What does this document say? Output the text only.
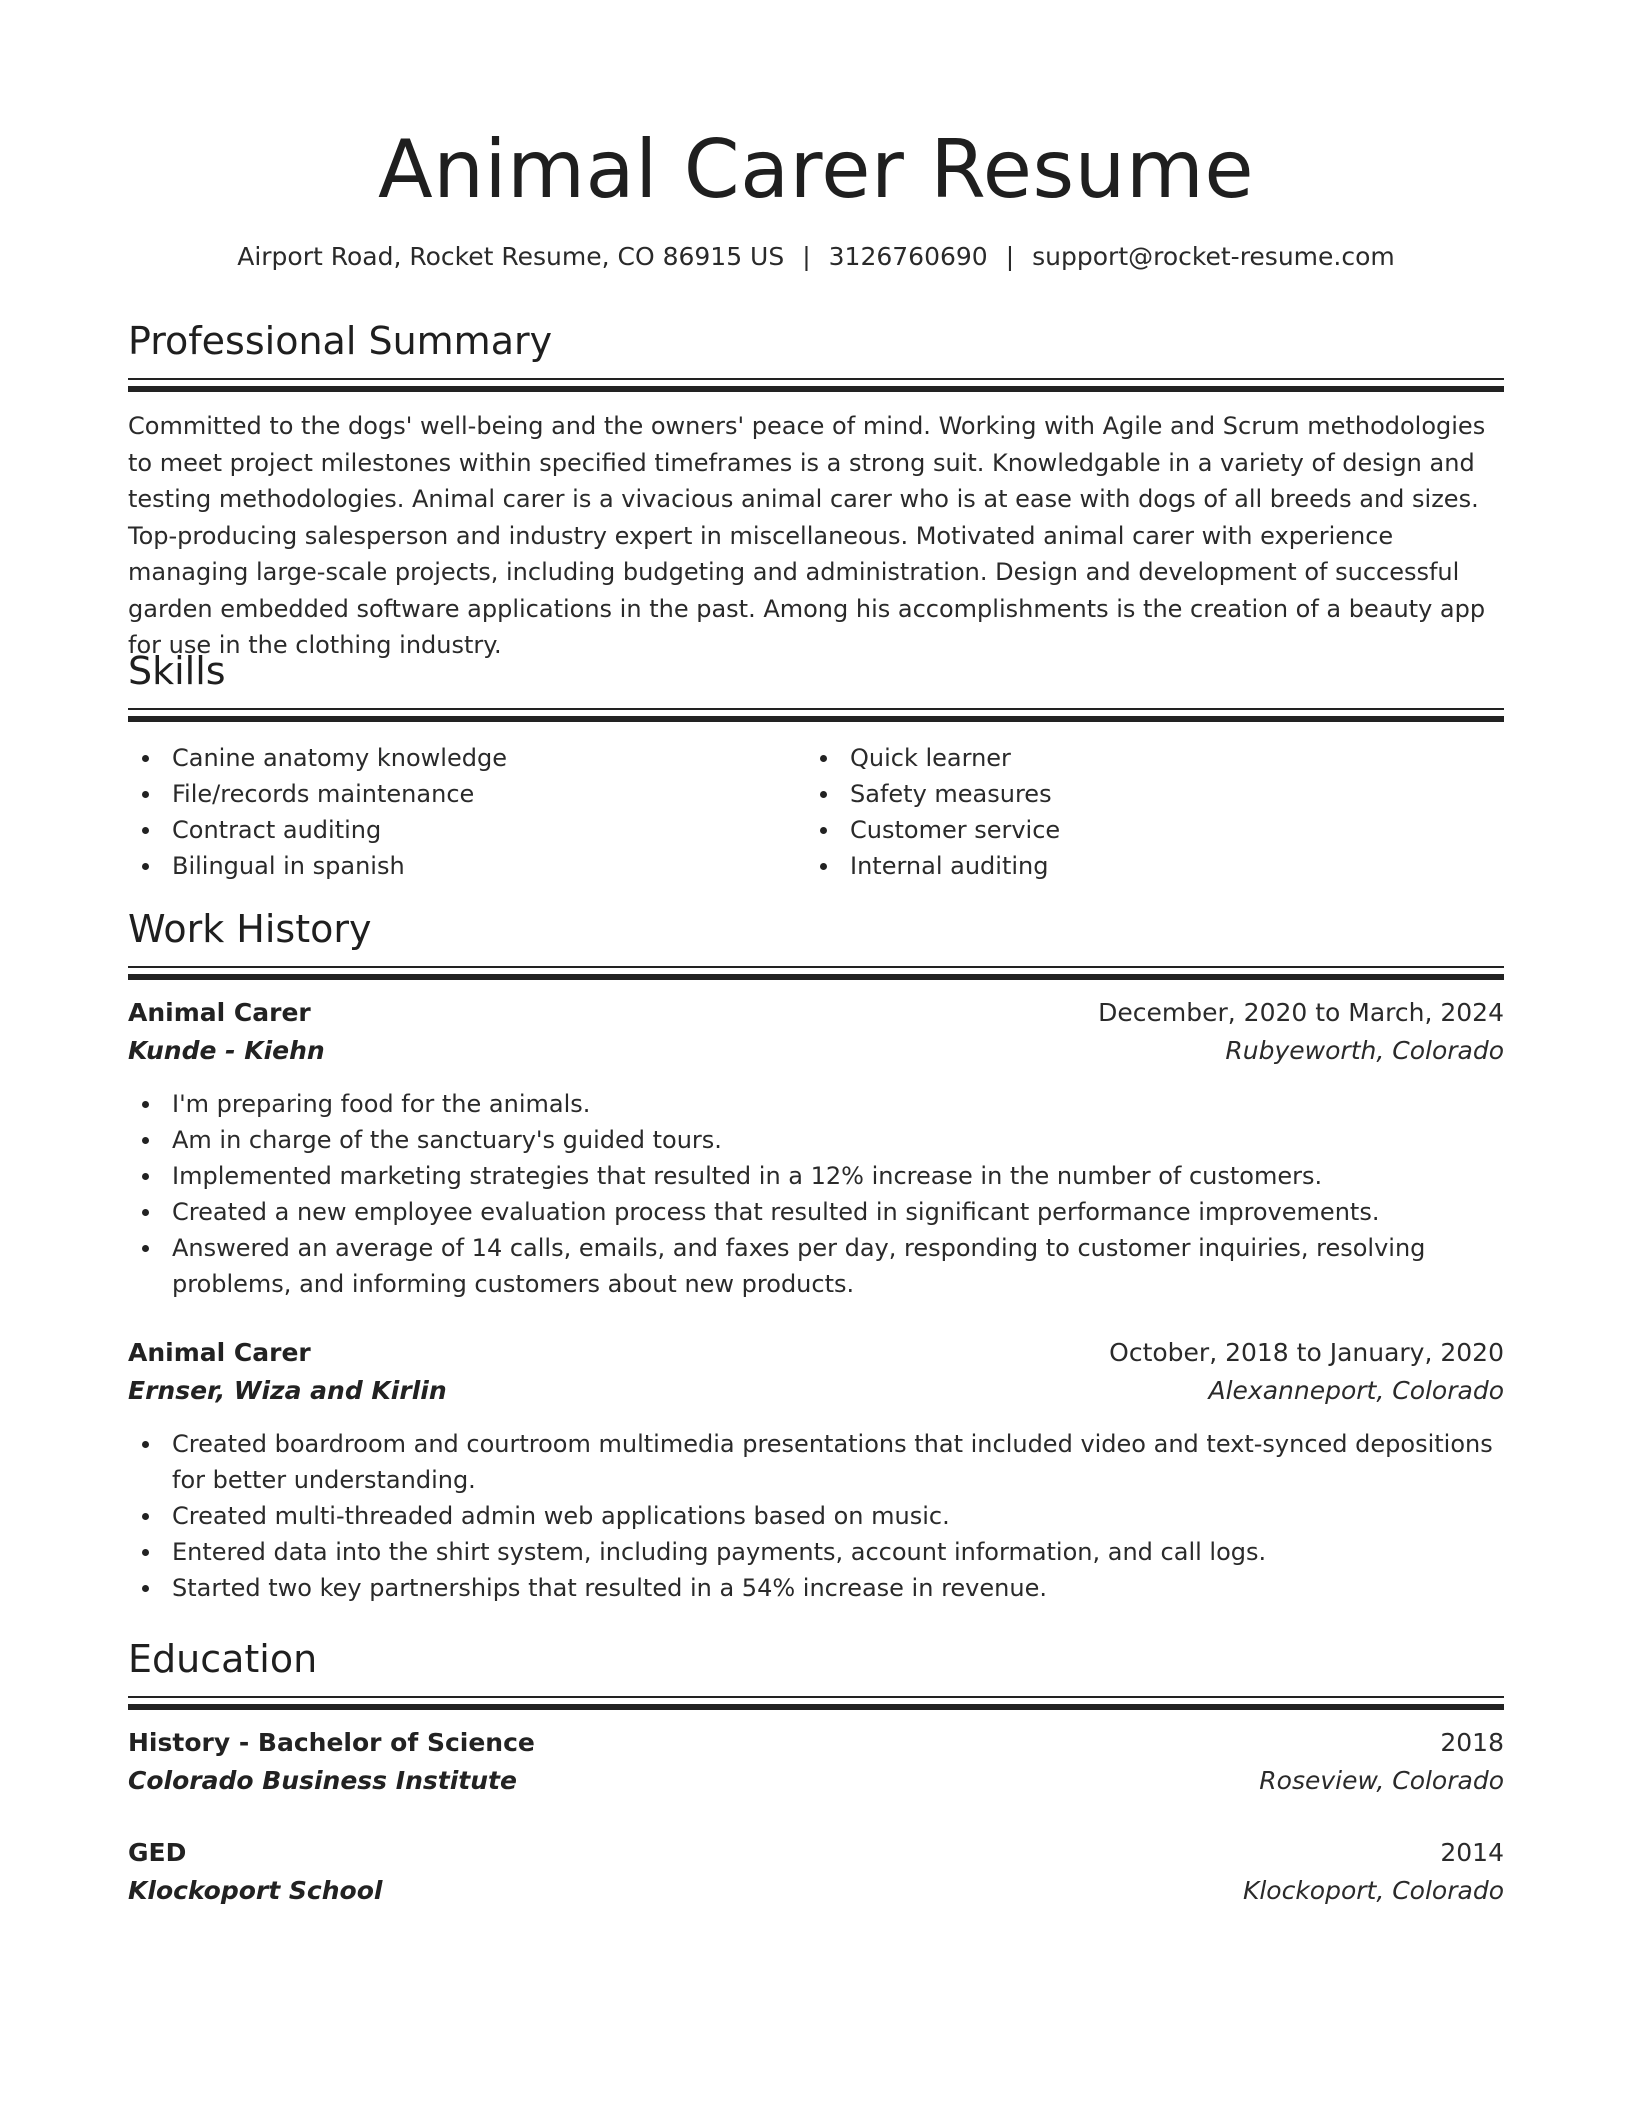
Animal Carer Resume
Airport Road, Rocket Resume, CO 86915 US | 3126760690 | support@rocket-resume.com
Professional Summary
Committed to the dogs' well-being and the owners' peace of mind. Working with Agile and Scrum methodologies to meet project milestones within specified timeframes is a strong suit. Knowledgable in a variety of design and testing methodologies. Animal carer is a vivacious animal carer who is at ease with dogs of all breeds and sizes. Top-producing salesperson and industry expert in miscellaneous. Motivated animal carer with experience managing large-scale projects, including budgeting and administration. Design and development of successful garden embedded software applications in the past. Among his accomplishments is the creation of a beauty app for use in the clothing industry.
Skills
Canine anatomy knowledge
File/records maintenance
Contract auditing
Bilingual in spanish
Quick learner
Safety measures
Customer service
Internal auditing
Work History
Animal Carer	December, 2020 to March, 2024
Kunde - Kiehn	Rubyeworth, Colorado
I'm preparing food for the animals.
Am in charge of the sanctuary's guided tours.
Implemented marketing strategies that resulted in a 12% increase in the number of customers.
Created a new employee evaluation process that resulted in significant performance improvements.
Answered an average of 14 calls, emails, and faxes per day, responding to customer inquiries, resolving problems, and informing customers about new products.
Animal Carer	October, 2018 to January, 2020
Ernser, Wiza and Kirlin	Alexanneport, Colorado
Created boardroom and courtroom multimedia presentations that included video and text-synced depositions for better understanding.
Created multi-threaded admin web applications based on music.
Entered data into the shirt system, including payments, account information, and call logs.
Started two key partnerships that resulted in a 54% increase in revenue.
Education
History - Bachelor of Science	2018
Colorado Business Institute	Roseview, Colorado
GED	2014
Klockoport School	Klockoport, Colorado
